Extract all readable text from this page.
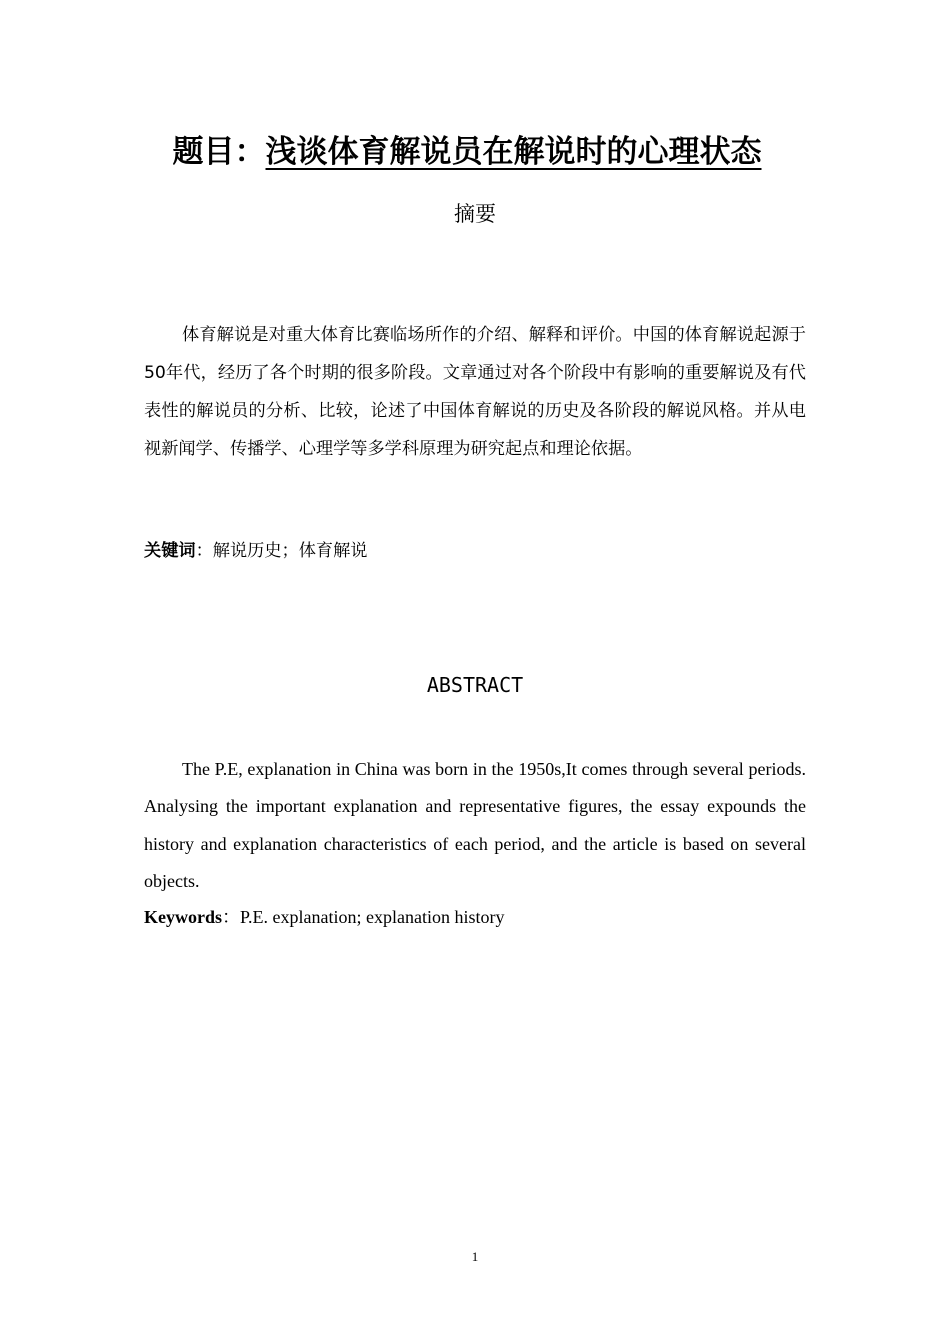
题目：浅谈体育解说员在解说时的心理状态
摘要

体育解说是对重大体育比赛临场所作的介绍、解释和评价。中国的体育解说起源于50年代，经历了各个时期的很多阶段。文章通过对各个阶段中有影响的重要解说及有代表性的解说员的分析、比较，论述了中国体育解说的历史及各阶段的解说风格。并从电视新闻学、传播学、心理学等多学科原理为研究起点和理论依据。

关键词：解说历史；体育解说
ABSTRACT

The P.E, explanation in China was born in the 1950s,It comes through several periods. Analysing the important explanation and representative figures, the essay expounds the history and explanation characteristics of each period, and the article is based on several objects.

Keywords：P.E. explanation; explanation history
1
